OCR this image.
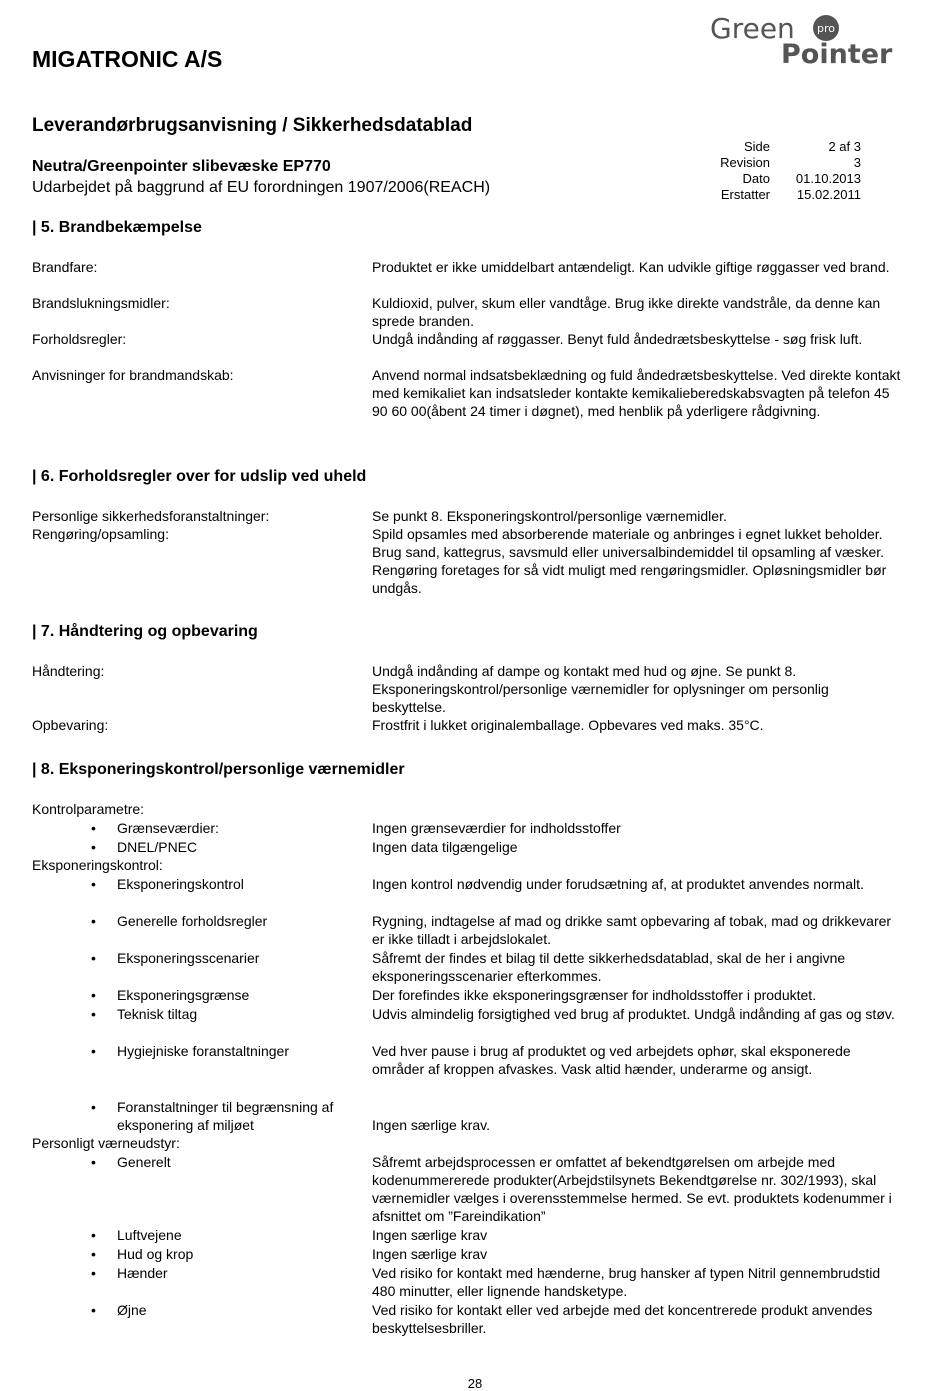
MIGATRONIC A/S
Green pro
Pointer
Leverandørbrugsanvisning / Sikkerhedsdatablad
Neutra/Greenpointer slibevæske EP770
Udarbejdet på baggrund af EU forordningen 1907/2006(REACH)
Side	2 af 3
Revision	3
Dato	01.10.2013
Erstatter	15.02.2011
| 5. Brandbekæmpelse
Brandfare:	Produktet er ikke umiddelbart antændeligt. Kan udvikle giftige røggasser ved brand.
Brandslukningsmidler:	Kuldioxid, pulver, skum eller vandtåge. Brug ikke direkte vandstråle, da denne kan sprede branden.
Forholdsregler:	Undgå indånding af røggasser. Benyt fuld åndedrætsbeskyttelse - søg frisk luft.
Anvisninger for brandmandskab:	Anvend normal indsatsbeklædning og fuld åndedrætsbeskyttelse. Ved direkte kontakt med kemikaliet kan indsatsleder kontakte kemikalieberedskabsvagten på telefon 45 90 60 00(åbent 24 timer i døgnet), med henblik på yderligere rådgivning.
| 6. Forholdsregler over for udslip ved uheld
Personlige sikkerhedsforanstaltninger:	Se punkt 8. Eksponeringskontrol/personlige værnemidler.
Rengøring/opsamling:	Spild opsamles med absorberende materiale og anbringes i egnet lukket beholder. Brug sand, kattegrus, savsmuld eller universalbindemiddel til opsamling af væsker. Rengøring foretages for så vidt muligt med rengøringsmidler. Opløsningsmidler bør undgås.
| 7. Håndtering og opbevaring
Håndtering:	Undgå indånding af dampe og kontakt med hud og øjne. Se punkt 8. Eksponeringskontrol/personlige værnemidler for oplysninger om personlig beskyttelse.
Opbevaring:	Frostfrit i lukket originalemballage. Opbevares ved maks. 35°C.
| 8. Eksponeringskontrol/personlige værnemidler
Kontrolparametre:
• Grænseværdier:	Ingen grænseværdier for indholdsstoffer
• DNEL/PNEC	Ingen data tilgængelige
Eksponeringskontrol:
• Eksponeringskontrol	Ingen kontrol nødvendig under forudsætning af, at produktet anvendes normalt.
• Generelle forholdsregler	Rygning, indtagelse af mad og drikke samt opbevaring af tobak, mad og drikkevarer er ikke tilladt i arbejdslokalet.
• Eksponeringsscenarier	Såfremt der findes et bilag til dette sikkerhedsdatablad, skal de her i angivne eksponeringsscenarier efterkommes.
• Eksponeringsgrænse	Der forefindes ikke eksponeringsgrænser for indholdsstoffer i produktet.
• Teknisk tiltag	Udvis almindelig forsigtighed ved brug af produktet. Undgå indånding af gas og støv.
• Hygiejniske foranstaltninger	Ved hver pause i brug af produktet og ved arbejdets ophør, skal eksponerede områder af kroppen afvaskes. Vask altid hænder, underarme og ansigt.
• Foranstaltninger til begrænsning af eksponering af miljøet	Ingen særlige krav.
Personligt værneudstyr:
• Generelt	Såfremt arbejdsprocessen er omfattet af bekendtgørelsen om arbejde med kodenummererede produkter(Arbejdstilsynets Bekendtgørelse nr. 302/1993), skal værnemidler vælges i overensstemmelse hermed. Se evt. produktets kodenummer i afsnittet om ”Fareindikation”
• Luftvejene	Ingen særlige krav
• Hud og krop	Ingen særlige krav
• Hænder	Ved risiko for kontakt med hænderne, brug hansker af typen Nitril gennembrudstid 480 minutter, eller lignende handsketype.
• Øjne	Ved risiko for kontakt eller ved arbejde med det koncentrerede produkt anvendes beskyttelsesbriller.
28
